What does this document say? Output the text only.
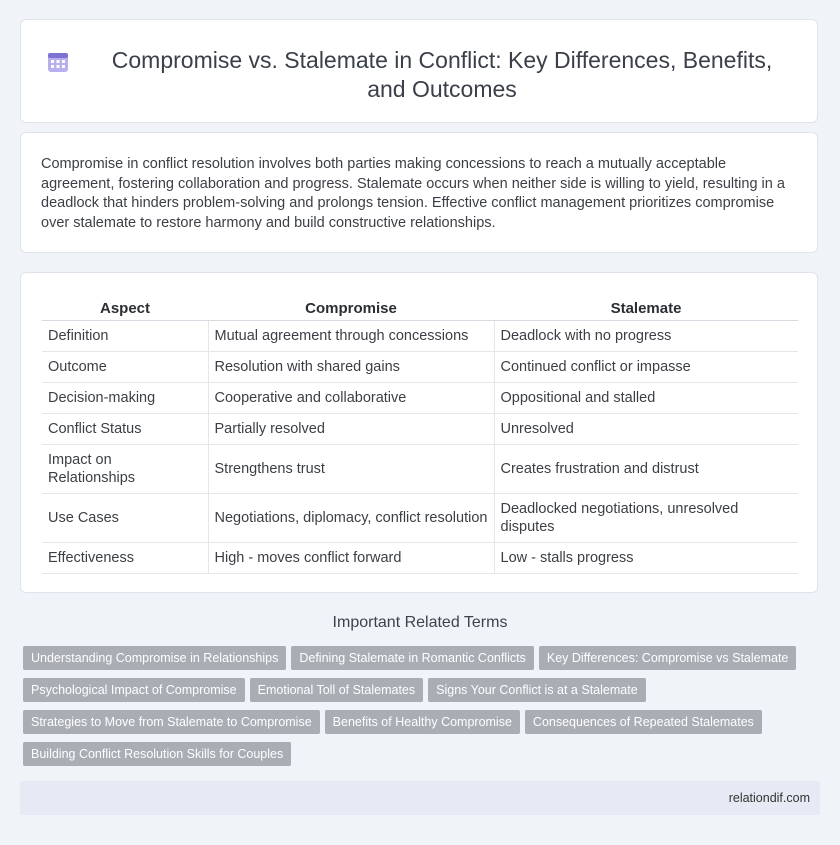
Compromise vs. Stalemate in Conflict: Key Differences, Benefits, and Outcomes

Compromise in conflict resolution involves both parties making concessions to reach a mutually acceptable agreement, fostering collaboration and progress. Stalemate occurs when neither side is willing to yield, resulting in a deadlock that hinders problem-solving and prolongs tension. Effective conflict management prioritizes compromise over stalemate to restore harmony and build constructive relationships.

Aspect	Compromise	Stalemate
Definition	Mutual agreement through concessions	Deadlock with no progress
Outcome	Resolution with shared gains	Continued conflict or impasse
Decision-making	Cooperative and collaborative	Oppositional and stalled
Conflict Status	Partially resolved	Unresolved
Impact on Relationships	Strengthens trust	Creates frustration and distrust
Use Cases	Negotiations, diplomacy, conflict resolution	Deadlocked negotiations, unresolved disputes
Effectiveness	High - moves conflict forward	Low - stalls progress
Important Related Terms
Understanding Compromise in Relationships Defining Stalemate in Romantic Conflicts Key Differences: Compromise vs Stalemate
Psychological Impact of Compromise Emotional Toll of Stalemates Signs Your Conflict is at a Stalemate
Strategies to Move from Stalemate to Compromise Benefits of Healthy Compromise Consequences of Repeated Stalemates
Building Conflict Resolution Skills for Couples
relationdif.com
